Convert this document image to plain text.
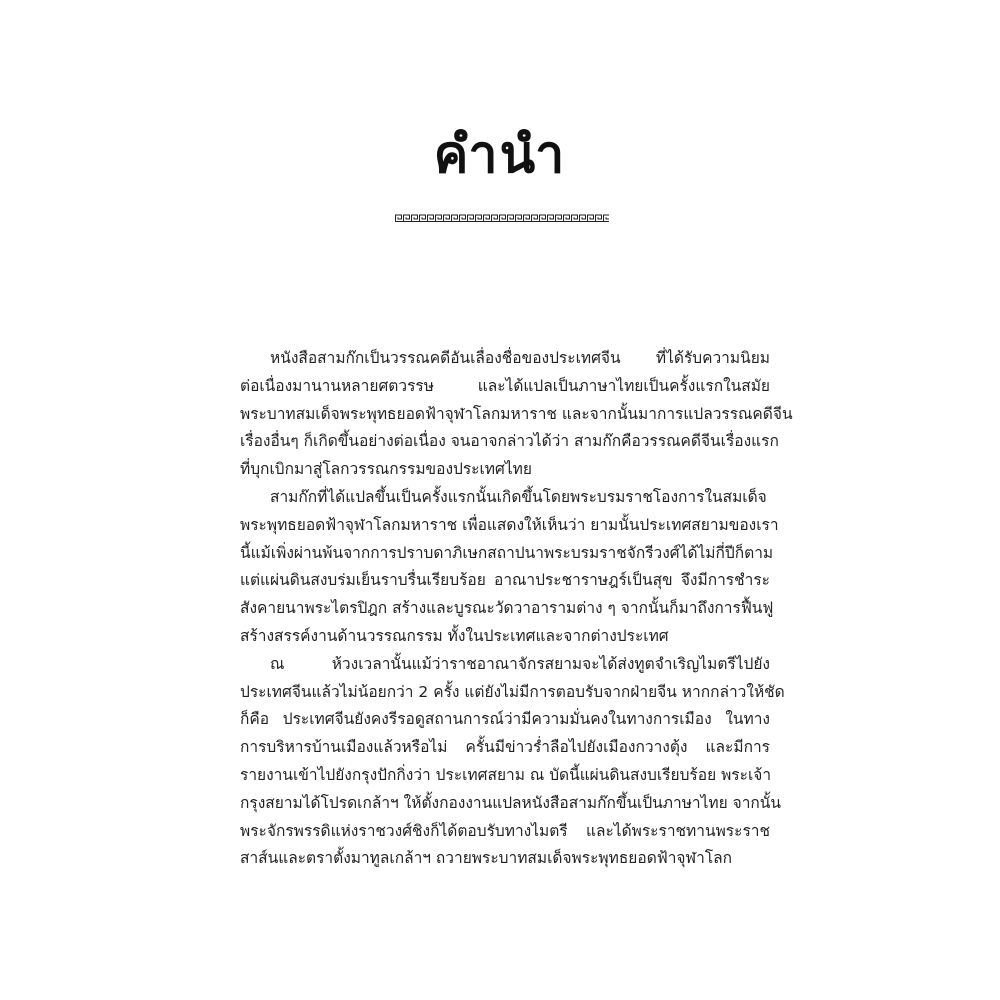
คำนำ
หนังสือสามก๊กเป็นวรรณคดีอันเลื่องชื่อของประเทศจีน ที่ได้รับความนิยม
ต่อเนื่องมานานหลายศตวรรษ และได้แปลเป็นภาษาไทยเป็นครั้งแรกในสมัย
พระบาทสมเด็จพระพุทธยอดฟ้าจุฬาโลกมหาราช และจากนั้นมาการแปลวรรณคดีจีน
เรื่องอื่นๆ ก็เกิดขึ้นอย่างต่อเนื่อง จนอาจกล่าวได้ว่า สามก๊กคือวรรณคดีจีนเรื่องแรก
ที่บุกเบิกมาสู่โลกวรรณกรรมของประเทศไทย
สามก๊กที่ได้แปลขึ้นเป็นครั้งแรกนั้นเกิดขึ้นโดยพระบรมราชโองการในสมเด็จ
พระพุทธยอดฟ้าจุฬาโลกมหาราช เพื่อแสดงให้เห็นว่า ยามนั้นประเทศสยามของเรา
นี้แม้เพิ่งผ่านพ้นจากการปราบดาภิเษกสถาปนาพระบรมราชจักรีวงศ์ได้ไม่กี่ปีก็ตาม
แต่แผ่นดินสงบร่มเย็นราบรื่นเรียบร้อย อาณาประชาราษฎร์เป็นสุข จึงมีการชำระ
สังคายนาพระไตรปิฎก สร้างและบูรณะวัดวาอารามต่าง ๆ จากนั้นก็มาถึงการฟื้นฟู
สร้างสรรค์งานด้านวรรณกรรม ทั้งในประเทศและจากต่างประเทศ
ณ ห้วงเวลานั้นแม้ว่าราชอาณาจักรสยามจะได้ส่งทูตจำเริญไมตรีไปยัง
ประเทศจีนแล้วไม่น้อยกว่า 2 ครั้ง แต่ยังไม่มีการตอบรับจากฝ่ายจีน หากกล่าวให้ชัด
ก็คือ ประเทศจีนยังคงรีรอดูสถานการณ์ว่ามีความมั่นคงในทางการเมือง ในทาง
การบริหารบ้านเมืองแล้วหรือไม่ ครั้นมีข่าวร่ำลือไปยังเมืองกวางตุ้ง และมีการ
รายงานเข้าไปยังกรุงปักกิ่งว่า ประเทศสยาม ณ บัดนี้แผ่นดินสงบเรียบร้อย พระเจ้า
กรุงสยามได้โปรดเกล้าฯ ให้ตั้งกองงานแปลหนังสือสามก๊กขึ้นเป็นภาษาไทย จากนั้น
พระจักรพรรดิแห่งราชวงศ์ชิงก็ได้ตอบรับทางไมตรี และได้พระราชทานพระราช
สาส์นและตราตั้งมาทูลเกล้าฯ ถวายพระบาทสมเด็จพระพุทธยอดฟ้าจุฬาโลก
